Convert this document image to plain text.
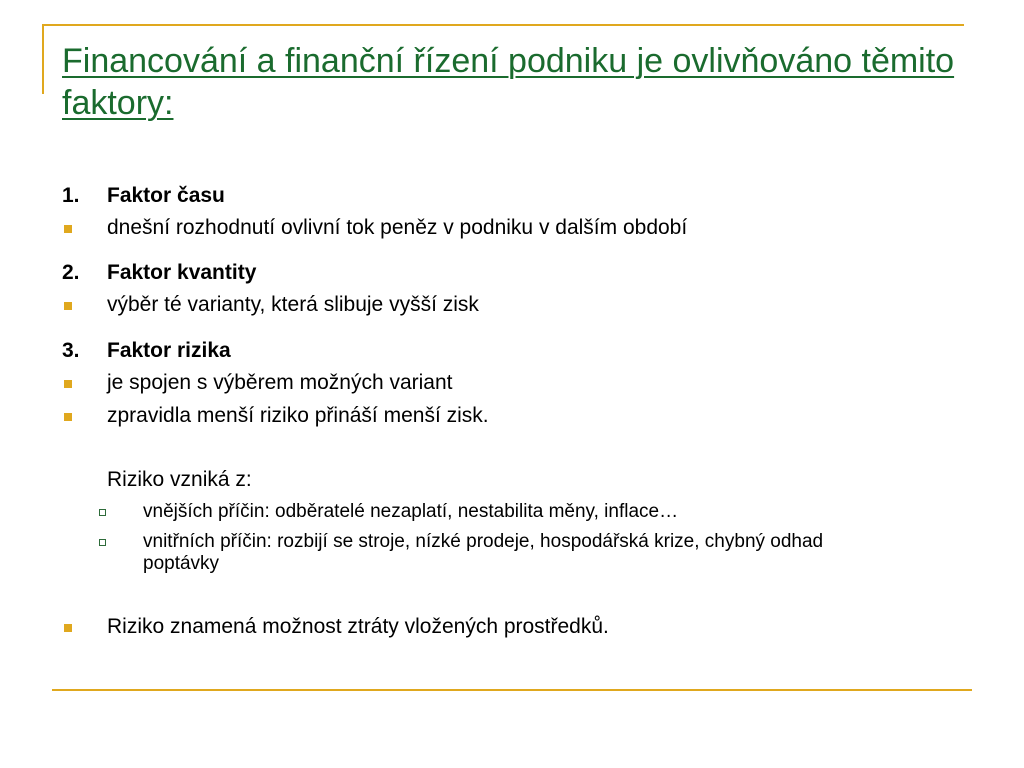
Financování a finanční řízení podniku je ovlivňováno těmito faktory:
1. Faktor času
dnešní rozhodnutí ovlivní tok peněz v podniku v dalším období
2. Faktor kvantity
výběr té varianty, která slibuje vyšší zisk
3. Faktor rizika
je spojen s výběrem možných variant
zpravidla menší riziko přináší menší zisk.
Riziko vzniká z:
vnějších příčin: odběratelé nezaplatí, nestabilita měny, inflace…
vnitřních příčin: rozbijí se stroje, nízké prodeje, hospodářská krize, chybný odhad poptávky
Riziko znamená možnost ztráty vložených prostředků.
